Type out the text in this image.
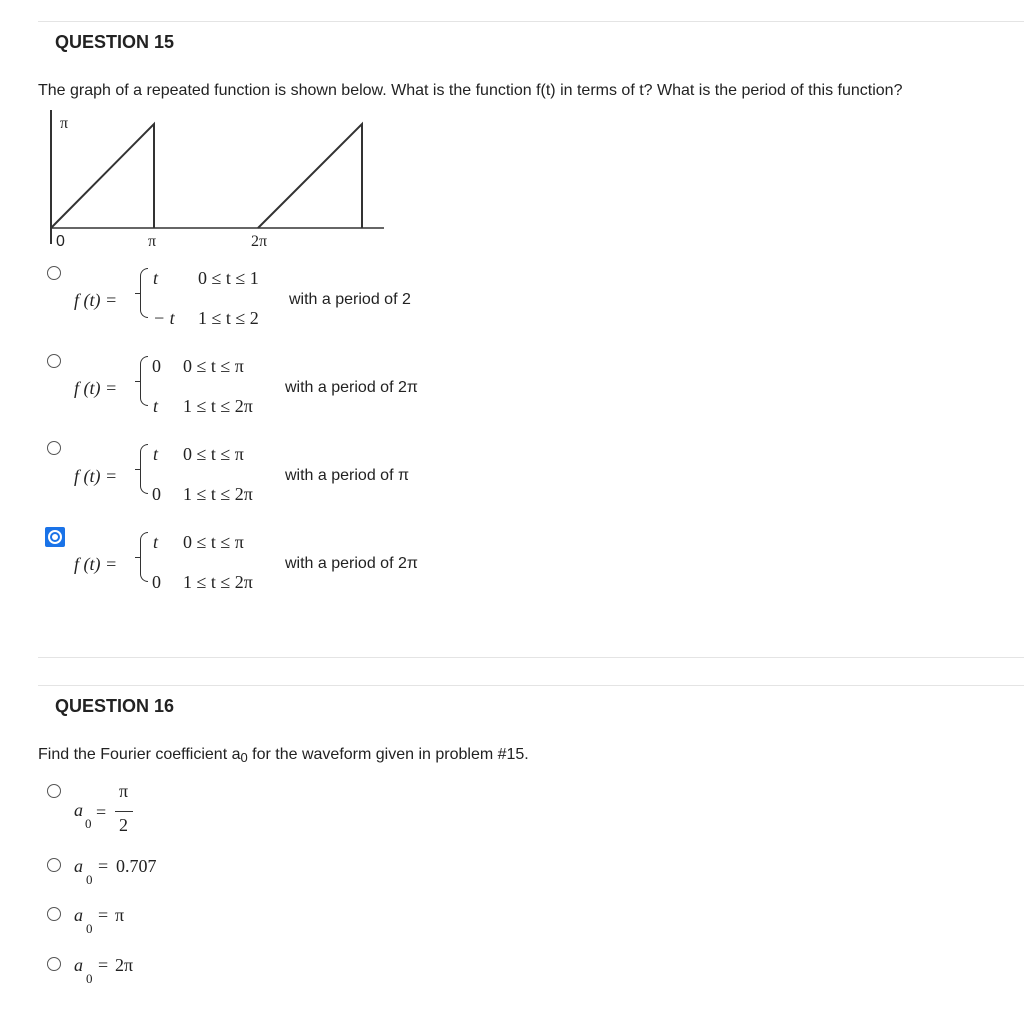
QUESTION 15
The graph of a repeated function is shown below. What is the function f(t) in terms of t? What is the period of this function?
π
0	π	2π
f (t) =
t 0 ≤ t ≤ 1
− t 1 ≤ t ≤ 2
with a period of 2
f (t) =
0 0 ≤ t ≤ π
t 1 ≤ t ≤ 2π
with a period of 2π
f (t) =
t 0 ≤ t ≤ π
0 1 ≤ t ≤ 2π
with a period of π
f (t) =
t 0 ≤ t ≤ π
0 1 ≤ t ≤ 2π
with a period of 2π
QUESTION 16
Find the Fourier coefficient a0 for the waveform given in problem #15.
a
0
=
π
2
a
0
= 0.707
a
0
= π
a
0
= 2π
